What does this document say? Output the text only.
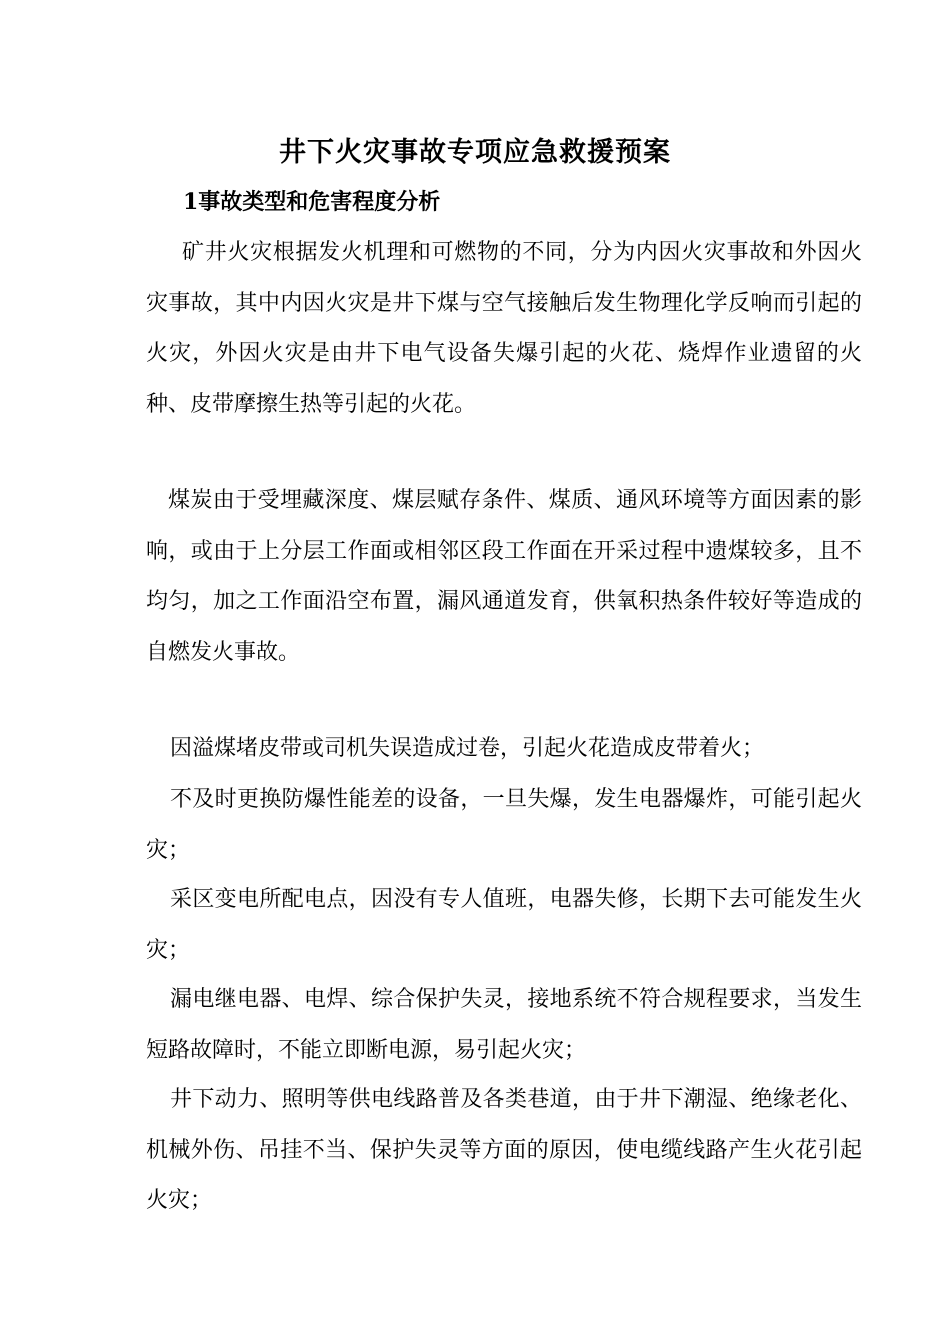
井下火灾事故专项应急救援预案
1事故类型和危害程度分析

矿井火灾根据发火机理和可燃物的不同，分为内因火灾事故和外因火灾事故，其中内因火灾是井下煤与空气接触后发生物理化学反响而引起的火灾，外因火灾是由井下电气设备失爆引起的火花、烧焊作业遗留的火种、皮带摩擦生热等引起的火花。

煤炭由于受埋藏深度、煤层赋存条件、煤质、通风环境等方面因素的影响，或由于上分层工作面或相邻区段工作面在开采过程中遗煤较多，且不均匀，加之工作面沿空布置，漏风通道发育，供氧积热条件较好等造成的自燃发火事故。

因溢煤堵皮带或司机失误造成过卷，引起火花造成皮带着火；

不及时更换防爆性能差的设备，一旦失爆，发生电器爆炸，可能引起火灾；

采区变电所配电点，因没有专人值班，电器失修，长期下去可能发生火灾；

漏电继电器、电焊、综合保护失灵，接地系统不符合规程要求，当发生短路故障时，不能立即断电源，易引起火灾；

井下动力、照明等供电线路普及各类巷道，由于井下潮湿、绝缘老化、机械外伤、吊挂不当、保护失灵等方面的原因，使电缆线路产生火花引起火灾；
